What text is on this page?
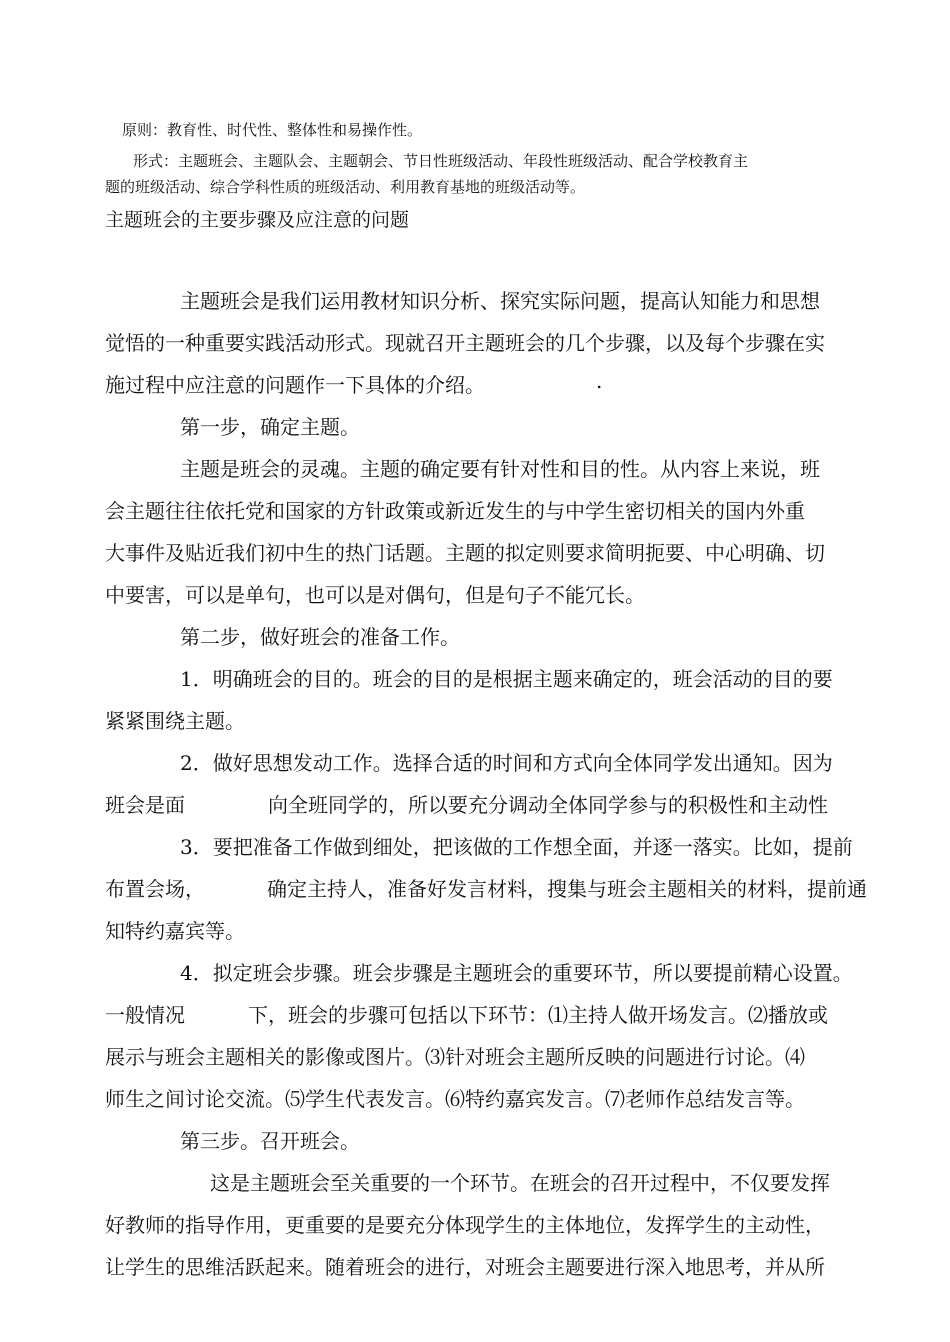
原则：教育性、时代性、整体性和易操作性。
形式：主题班会、主题队会、主题朝会、节日性班级活动、年段性班级活动、配合学校教育主
题的班级活动、综合学科性质的班级活动、利用教育基地的班级活动等。
主题班会的主要步骤及应注意的问题
主题班会是我们运用教材知识分析、探究实际问题，提高认知能力和思想
觉悟的一种重要实践活动形式。现就召开主题班会的几个步骤，以及每个步骤在实
施过程中应注意的问题作一下具体的介绍。	.
第一步，确定主题。
主题是班会的灵魂。主题的确定要有针对性和目的性。从内容上来说，班
会主题往往依托党和国家的方针政策或新近发生的与中学生密切相关的国内外重
大事件及贴近我们初中生的热门话题。主题的拟定则要求简明扼要、中心明确、切
中要害，可以是单句，也可以是对偶句，但是句子不能冗长。
第二步，做好班会的准备工作。
1．明确班会的目的。班会的目的是根据主题来确定的，班会活动的目的要
紧紧围绕主题。
2．做好思想发动工作。选择合适的时间和方式向全体同学发出通知。因为
班会是面	向全班同学的，所以要充分调动全体同学参与的积极性和主动性
3．要把准备工作做到细处，把该做的工作想全面，并逐一落实。比如，提前
布置会场，	确定主持人，准备好发言材料，搜集与班会主题相关的材料，提前通
知特约嘉宾等。
4．拟定班会步骤。班会步骤是主题班会的重要环节，所以要提前精心设置。
一般情况	下，班会的步骤可包括以下环节：⑴主持人做开场发言。⑵播放或
展示与班会主题相关的影像或图片。⑶针对班会主题所反映的问题进行讨论。⑷
师生之间讨论交流。⑸学生代表发言。⑹特约嘉宾发言。⑺老师作总结发言等。
第三步。召开班会。
这是主题班会至关重要的一个环节。在班会的召开过程中，不仅要发挥
好教师的指导作用，更重要的是要充分体现学生的主体地位，发挥学生的主动性，
让学生的思维活跃起来。随着班会的进行，对班会主题要进行深入地思考，并从所
